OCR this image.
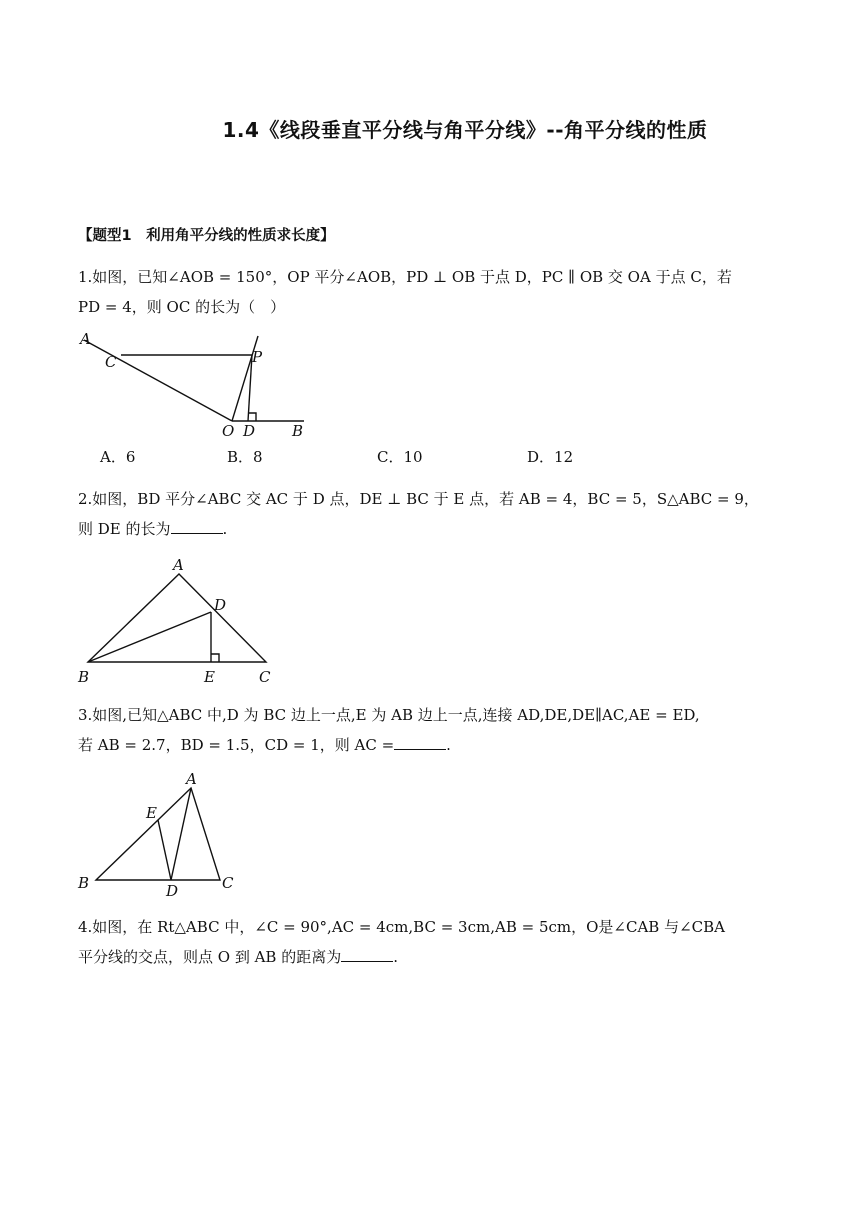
1.4《线段垂直平分线与角平分线》--角平分线的性质
【题型1　利用角平分线的性质求长度】
1.如图，已知∠AOB = 150°，OP 平分∠AOB，PD ⊥ OB 于点 D，PC ∥ OB 交 OA 于点 C，若
PD = 4，则 OC 的长为（　）
A
C	P
O D B
A．6	B．8	C．10	D．12
2.如图，BD 平分∠ABC 交 AC 于 D 点，DE ⊥ BC 于 E 点，若 AB = 4，BC = 5，S△ABC = 9，
则 DE 的长为	.
A
D
B	E	C
3.如图,已知△ABC 中,D 为 BC 边上一点,E 为 AB 边上一点,连接 AD,DE,DE∥AC,AE = ED,
若 AB = 2.7，BD = 1.5，CD = 1，则 AC =	.
A
E
B	D	C
4.如图，在 Rt△ABC 中，∠C = 90°,AC = 4cm,BC = 3cm,AB = 5cm，O是∠CAB 与∠CBA
平分线的交点，则点 O 到 AB 的距离为	.
